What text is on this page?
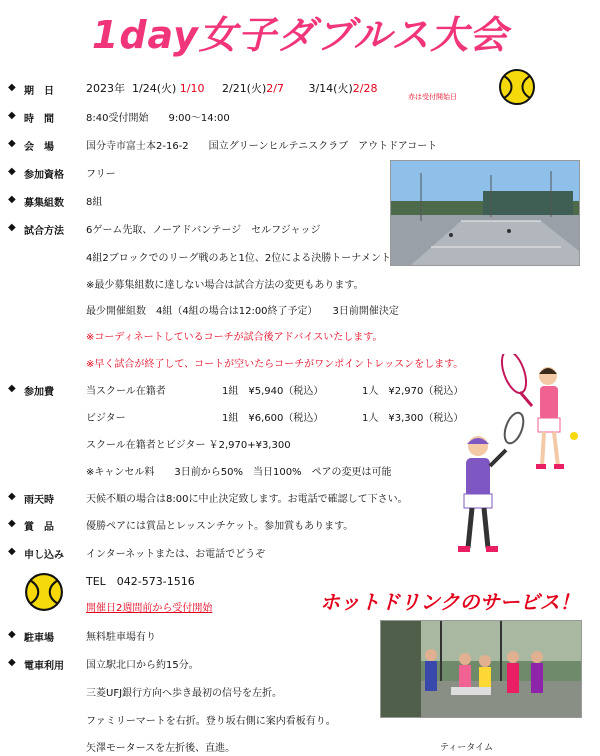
1day女子ダブルス大会
◆ 期　日	2023年 1/24(火) 1/10 2/21(火)2/7 3/14(火)2/28
赤は受付開始日
◆ 時　間	8:40受付開始　　9:00～14:00
◆ 会　場	国分寺市富士本2-16-2　　国立グリーンヒルテニスクラブ　アウトドアコート
◆ 参加資格 フリー
◆ 募集組数 8組
◆ 試合方法 6ゲーム先取、ノーアドバンテージ　セルフジャッジ
4組2ブロックでのリーグ戦のあと1位、2位による決勝トーナメント
※最少募集組数に達しない場合は試合方法の変更もあります。
最少開催組数　4組（4組の場合は12:00終了予定）　　3日前開催決定
※コーディネートしているコーチが試合後アドバイスいたします。
※早く試合が終了して、コートが空いたらコーチがワンポイントレッスンをします。
◆ 参加費	当スクール在籍者	1組　¥5,940（税込）	1人　¥2,970（税込）
ビジター	1組　¥6,600（税込）	1人　¥3,300（税込）
スクール在籍者とビジター ￥2,970+¥3,300
※キャンセル料　　3日前から50%　当日100%　ペアの変更は可能
◆ 雨天時	天候不順の場合は8:00に中止決定致します。お電話で確認して下さい。
◆ 賞　品	優勝ペアには賞品とレッスンチケット。参加賞もあります。
◆ 申し込み インターネットまたは、お電話でどうぞ
TEL　042-573-1516
開催日2週間前から受付開始	ホットドリンクのサービス！
◆ 駐車場	無料駐車場有り
◆ 電車利用 国立駅北口から約15分。
三菱UFJ銀行方向へ歩き最初の信号を左折。
ファミリーマートを右折。登り坂右側に案内看板有り。
矢澤モータースを左折後、直進。	ティータイム
